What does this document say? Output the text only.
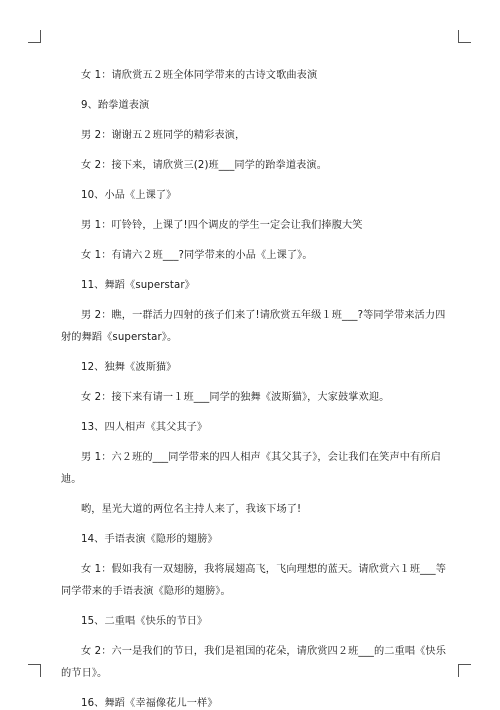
女 1：请欣赏五２班全体同学带来的古诗文歌曲表演

9、跆拳道表演

男 2：谢谢五２班同学的精彩表演，

女 2：接下来，请欣赏三(2)班___同学的跆拳道表演。

10、小品《上课了》

男 1：叮铃铃，上课了!四个调皮的学生一定会让我们捧腹大笑

女 1：有请六２班___?同学带来的小品《上课了》。

11、舞蹈《superstar》

男 2：瞧，一群活力四射的孩子们来了!请欣赏五年级１班___?等同学带来活力四

射的舞蹈《superstar》。

12、独舞《波斯猫》

女 2：接下来有请一１班___同学的独舞《波斯猫》，大家鼓掌欢迎。

13、四人相声《其父其子》

男 1：六２班的___同学带来的四人相声《其父其子》，会让我们在笑声中有所启

迪。

哟，星光大道的两位名主持人来了，我该下场了!

14、手语表演《隐形的翅膀》

女 1：假如我有一双翅膀，我将展翅高飞，飞向理想的蓝天。请欣赏六１班___等

同学带来的手语表演《隐形的翅膀》。

15、二重唱《快乐的节日》

女 2：六一是我们的节日，我们是祖国的花朵，请欣赏四２班___的二重唱《快乐

的节日》。

16、舞蹈《幸福像花儿一样》
